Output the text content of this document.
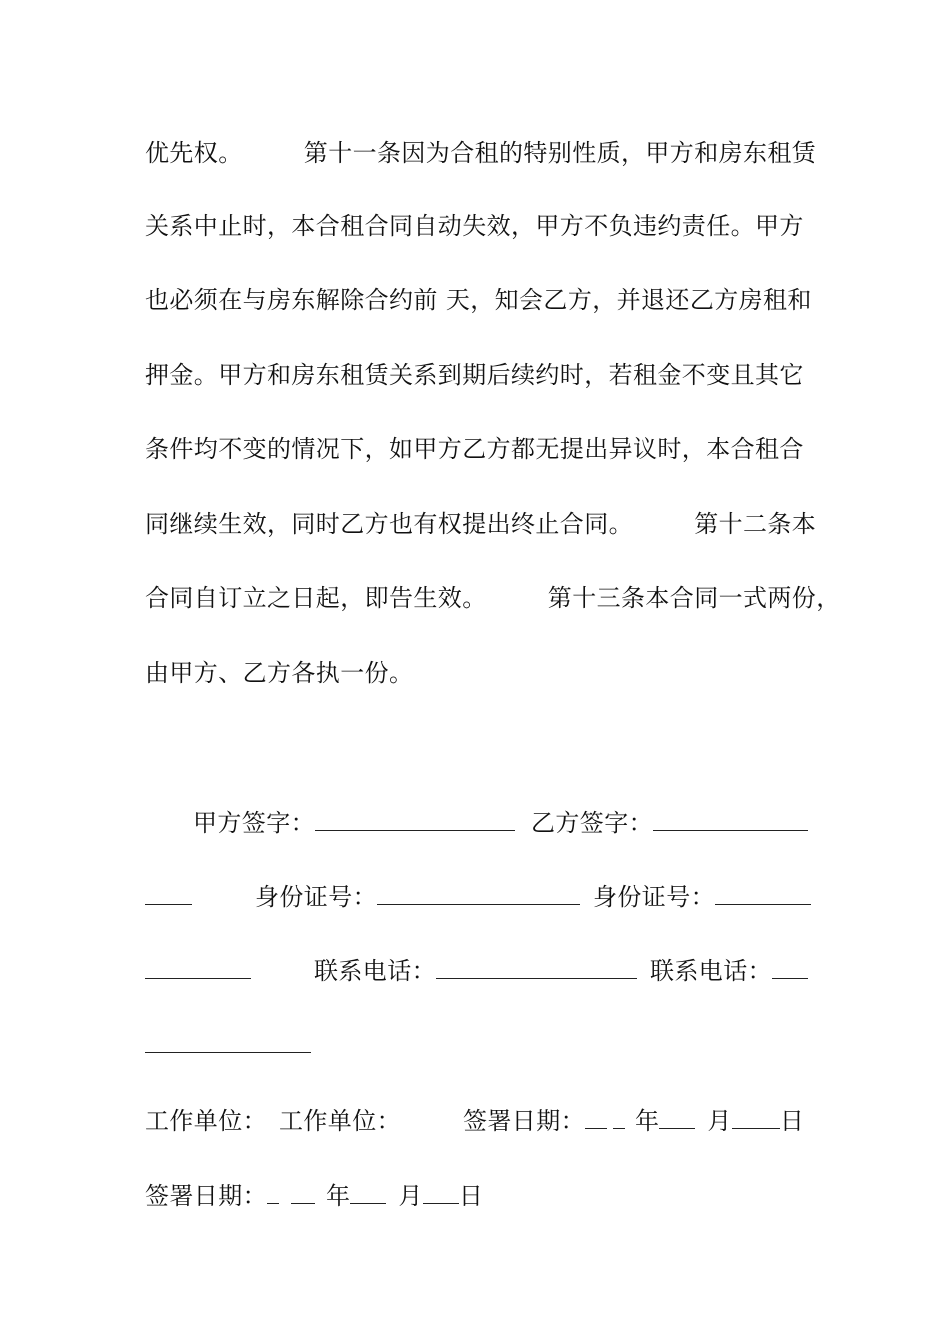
优先权。　　　第十一条因为合租的特别性质，甲方和房东租赁
关系中止时，本合租合同自动失效，甲方不负违约责任。甲方
也必须在与房东解除合约前 天，知会乙方，并退还乙方房租和
押金。甲方和房东租赁关系到期后续约时，若租金不变且其它
条件均不变的情况下，如甲方乙方都无提出异议时，本合租合
同继续生效，同时乙方也有权提出终止合同。　　　第十二条本
合同自订立之日起，即告生效。　　　第十三条本合同一式两份，
由甲方、乙方各执一份。
甲方签字：	乙方签字：
身份证号：	身份证号：
联系电话：	联系电话：
工作单位： 工作单位：	签署日期： 年 月 日
签署日期： 年 月 日
